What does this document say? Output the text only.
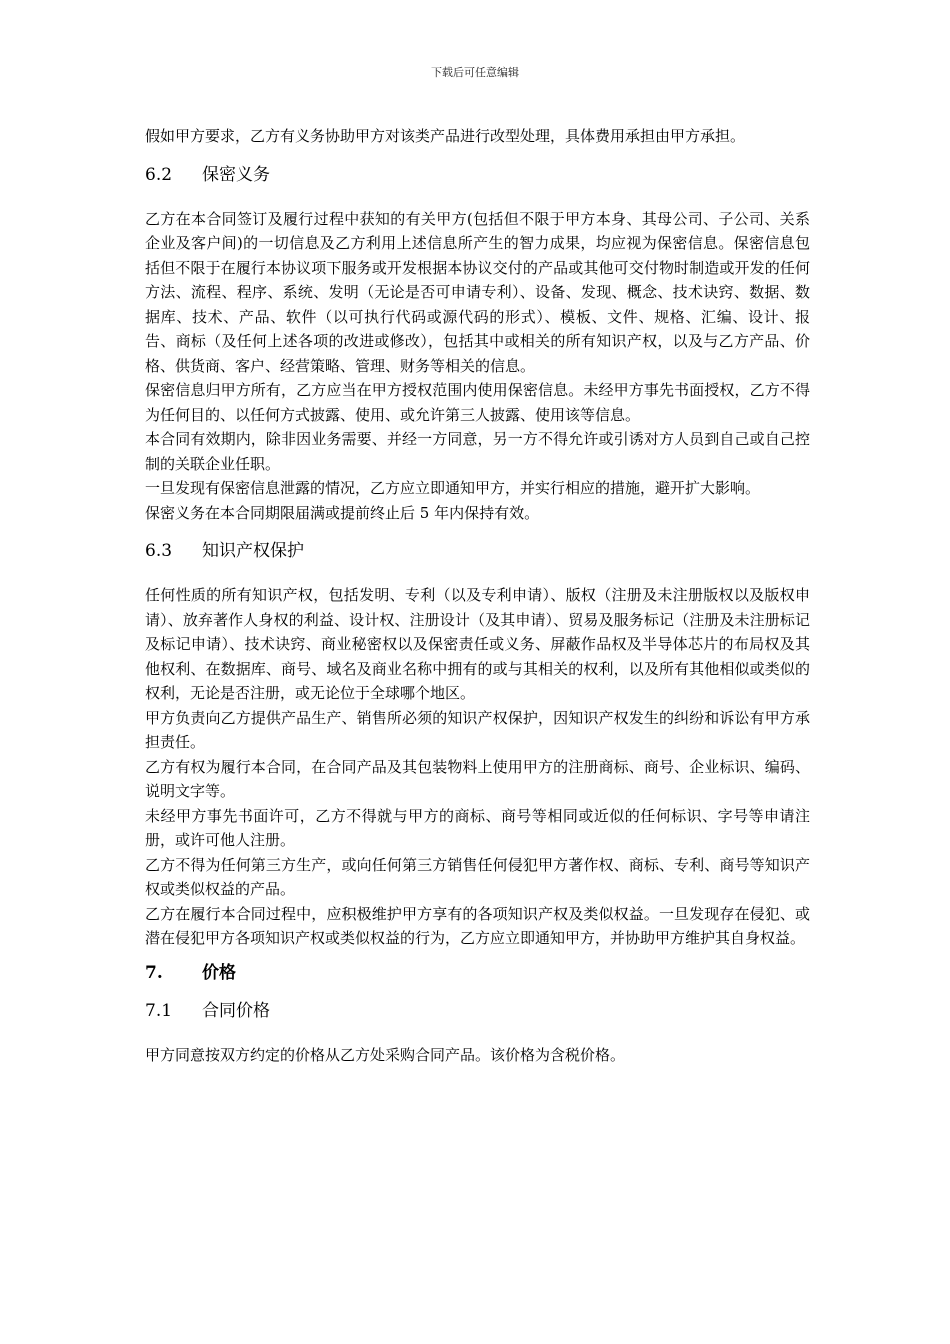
下载后可任意编辑

假如甲方要求，乙方有义务协助甲方对该类产品进行改型处理，具体费用承担由甲方承担。

6.2	保密义务

乙方在本合同签订及履行过程中获知的有关甲方(包括但不限于甲方本身、其母公司、子公司、关系企业及客户间)的一切信息及乙方利用上述信息所产生的智力成果，均应视为保密信息。保密信息包括但不限于在履行本协议项下服务或开发根据本协议交付的产品或其他可交付物时制造或开发的任何方法、流程、程序、系统、发明（无论是否可申请专利）、设备、发现、概念、技术诀窍、数据、数据库、技术、产品、软件（以可执行代码或源代码的形式）、模板、文件、规格、汇编、设计、报告、商标（及任何上述各项的改进或修改），包括其中或相关的所有知识产权，以及与乙方产品、价格、供货商、客户、经营策略、管理、财务等相关的信息。

保密信息归甲方所有，乙方应当在甲方授权范围内使用保密信息。未经甲方事先书面授权，乙方不得为任何目的、以任何方式披露、使用、或允许第三人披露、使用该等信息。

本合同有效期内，除非因业务需要、并经一方同意，另一方不得允许或引诱对方人员到自己或自己控制的关联企业任职。

一旦发现有保密信息泄露的情况，乙方应立即通知甲方，并实行相应的措施，避开扩大影响。

保密义务在本合同期限届满或提前终止后 5 年内保持有效。

6.3	知识产权保护

任何性质的所有知识产权，包括发明、专利（以及专利申请）、版权（注册及未注册版权以及版权申请）、放弃著作人身权的利益、设计权、注册设计（及其申请）、贸易及服务标记（注册及未注册标记及标记申请）、技术诀窍、商业秘密权以及保密责任或义务、屏蔽作品权及半导体芯片的布局权及其他权利、在数据库、商号、域名及商业名称中拥有的或与其相关的权利，以及所有其他相似或类似的权利，无论是否注册，或无论位于全球哪个地区。

甲方负责向乙方提供产品生产、销售所必须的知识产权保护，因知识产权发生的纠纷和诉讼有甲方承担责任。

乙方有权为履行本合同，在合同产品及其包装物料上使用甲方的注册商标、商号、企业标识、编码、说明文字等。

未经甲方事先书面许可，乙方不得就与甲方的商标、商号等相同或近似的任何标识、字号等申请注册，或许可他人注册。

乙方不得为任何第三方生产，或向任何第三方销售任何侵犯甲方著作权、商标、专利、商号等知识产权或类似权益的产品。

乙方在履行本合同过程中，应积极维护甲方享有的各项知识产权及类似权益。一旦发现存在侵犯、或潜在侵犯甲方各项知识产权或类似权益的行为，乙方应立即通知甲方，并协助甲方维护其自身权益。

7.	价格
7.1	合同价格

甲方同意按双方约定的价格从乙方处采购合同产品。该价格为含税价格。
